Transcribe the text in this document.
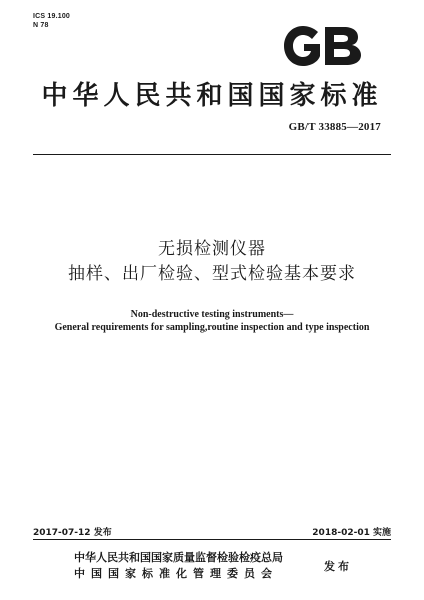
ICS 19.100
N 78
中华人民共和国国家标准
GB/T 33885—2017
无损检测仪器
抽样、出厂检验、型式检验基本要求
Non-destructive testing instruments—
General requirements for sampling,routine inspection and type inspection
2017-07-12 发布	2018-02-01 实施
中华人民共和国国家质量监督检验检疫总局
中国国家标准化管理委员会
发布
